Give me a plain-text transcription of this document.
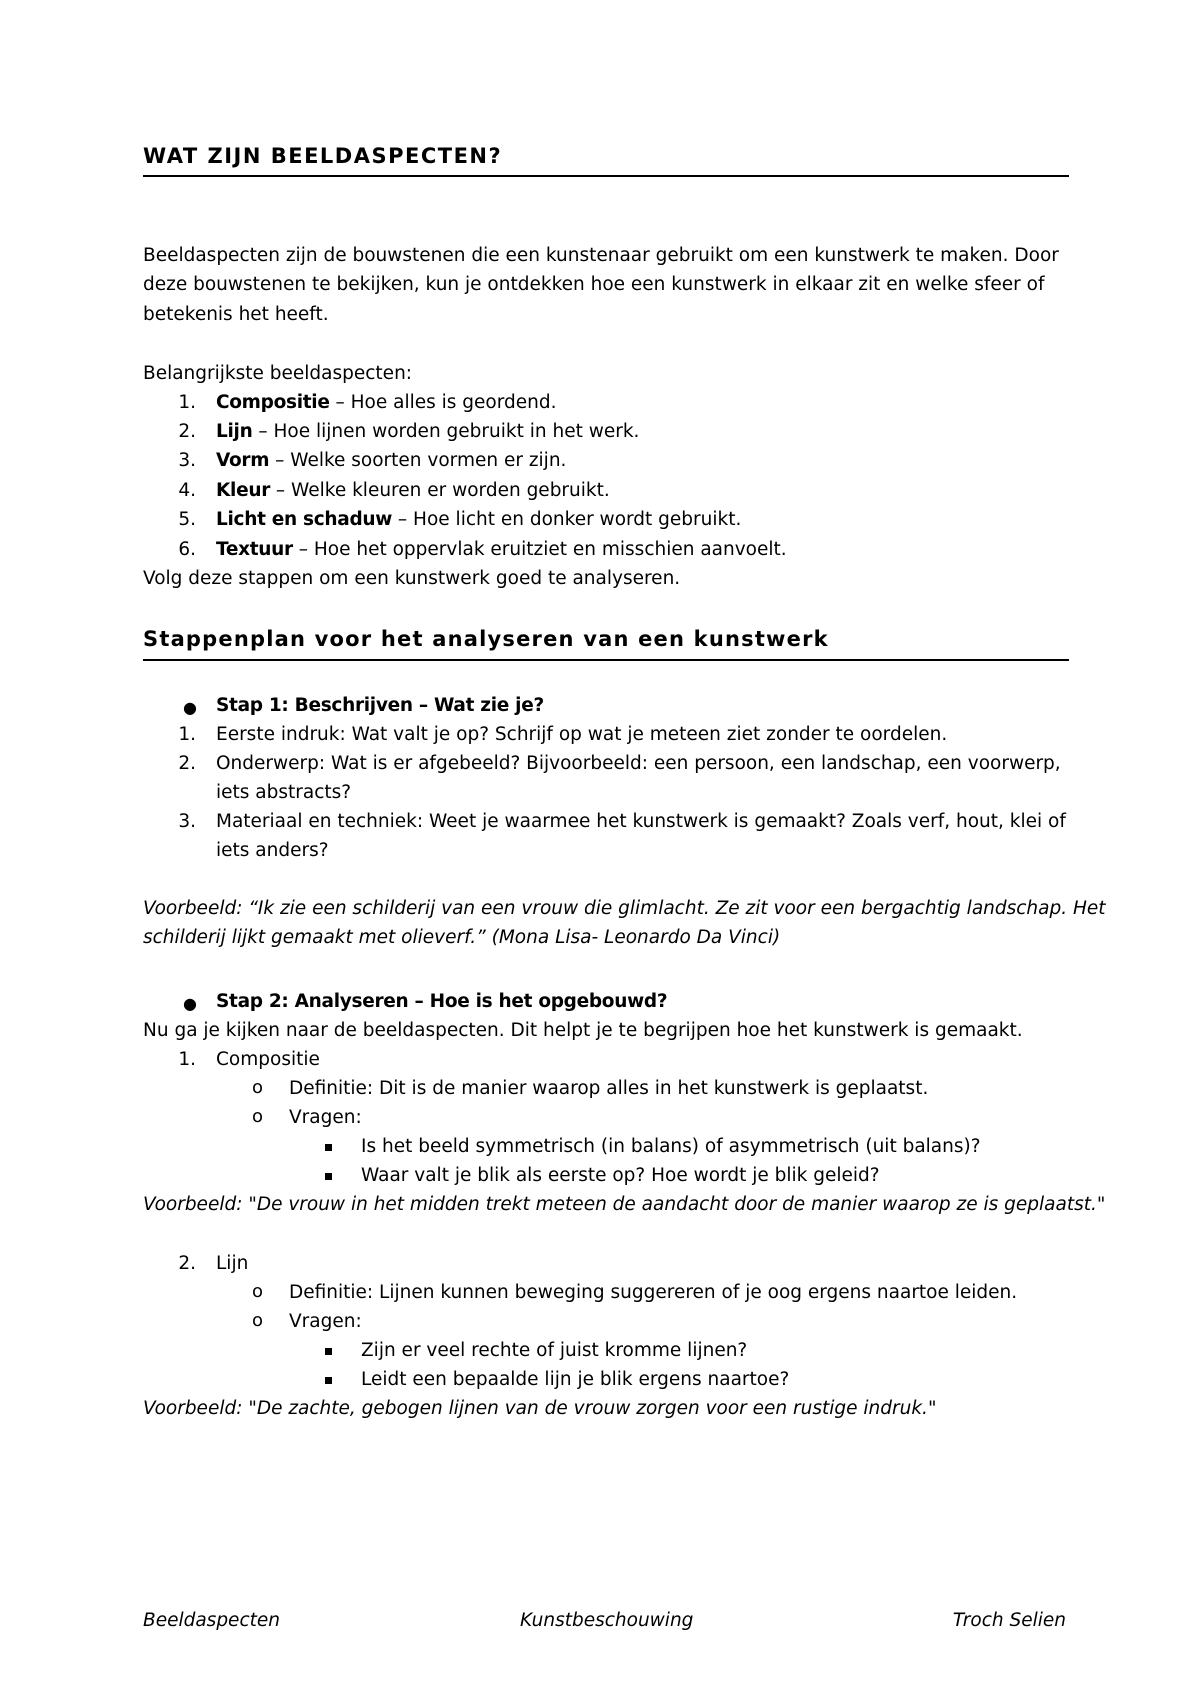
WAT ZIJN BEELDASPECTEN?
Beeldaspecten zijn de bouwstenen die een kunstenaar gebruikt om een kunstwerk te maken. Door
deze bouwstenen te bekijken, kun je ontdekken hoe een kunstwerk in elkaar zit en welke sfeer of
betekenis het heeft.
Belangrijkste beeldaspecten:
1. Compositie – Hoe alles is geordend.
2. Lijn – Hoe lijnen worden gebruikt in het werk.
3. Vorm – Welke soorten vormen er zijn.
4. Kleur – Welke kleuren er worden gebruikt.
5. Licht en schaduw – Hoe licht en donker wordt gebruikt.
6. Textuur – Hoe het oppervlak eruitziet en misschien aanvoelt.
Volg deze stappen om een kunstwerk goed te analyseren.
Stappenplan voor het analyseren van een kunstwerk
● Stap 1: Beschrijven – Wat zie je?
1. Eerste indruk: Wat valt je op? Schrijf op wat je meteen ziet zonder te oordelen.
2. Onderwerp: Wat is er afgebeeld? Bijvoorbeeld: een persoon, een landschap, een voorwerp,
iets abstracts?
3. Materiaal en techniek: Weet je waarmee het kunstwerk is gemaakt? Zoals verf, hout, klei of
iets anders?
Voorbeeld: “Ik zie een schilderij van een vrouw die glimlacht. Ze zit voor een bergachtig landschap. Het
schilderij lijkt gemaakt met olieverf.” (Mona Lisa- Leonardo Da Vinci)
● Stap 2: Analyseren – Hoe is het opgebouwd?
Nu ga je kijken naar de beeldaspecten. Dit helpt je te begrijpen hoe het kunstwerk is gemaakt.
1. Compositie
o Definitie: Dit is de manier waarop alles in het kunstwerk is geplaatst.
o Vragen:
Is het beeld symmetrisch (in balans) of asymmetrisch (uit balans)?
Waar valt je blik als eerste op? Hoe wordt je blik geleid?
Voorbeeld: "De vrouw in het midden trekt meteen de aandacht door de manier waarop ze is geplaatst."
2. Lijn
o Definitie: Lijnen kunnen beweging suggereren of je oog ergens naartoe leiden.
o Vragen:
Zijn er veel rechte of juist kromme lijnen?
Leidt een bepaalde lijn je blik ergens naartoe?
Voorbeeld: "De zachte, gebogen lijnen van de vrouw zorgen voor een rustige indruk."
Beeldaspecten	Kunstbeschouwing	Troch Selien
